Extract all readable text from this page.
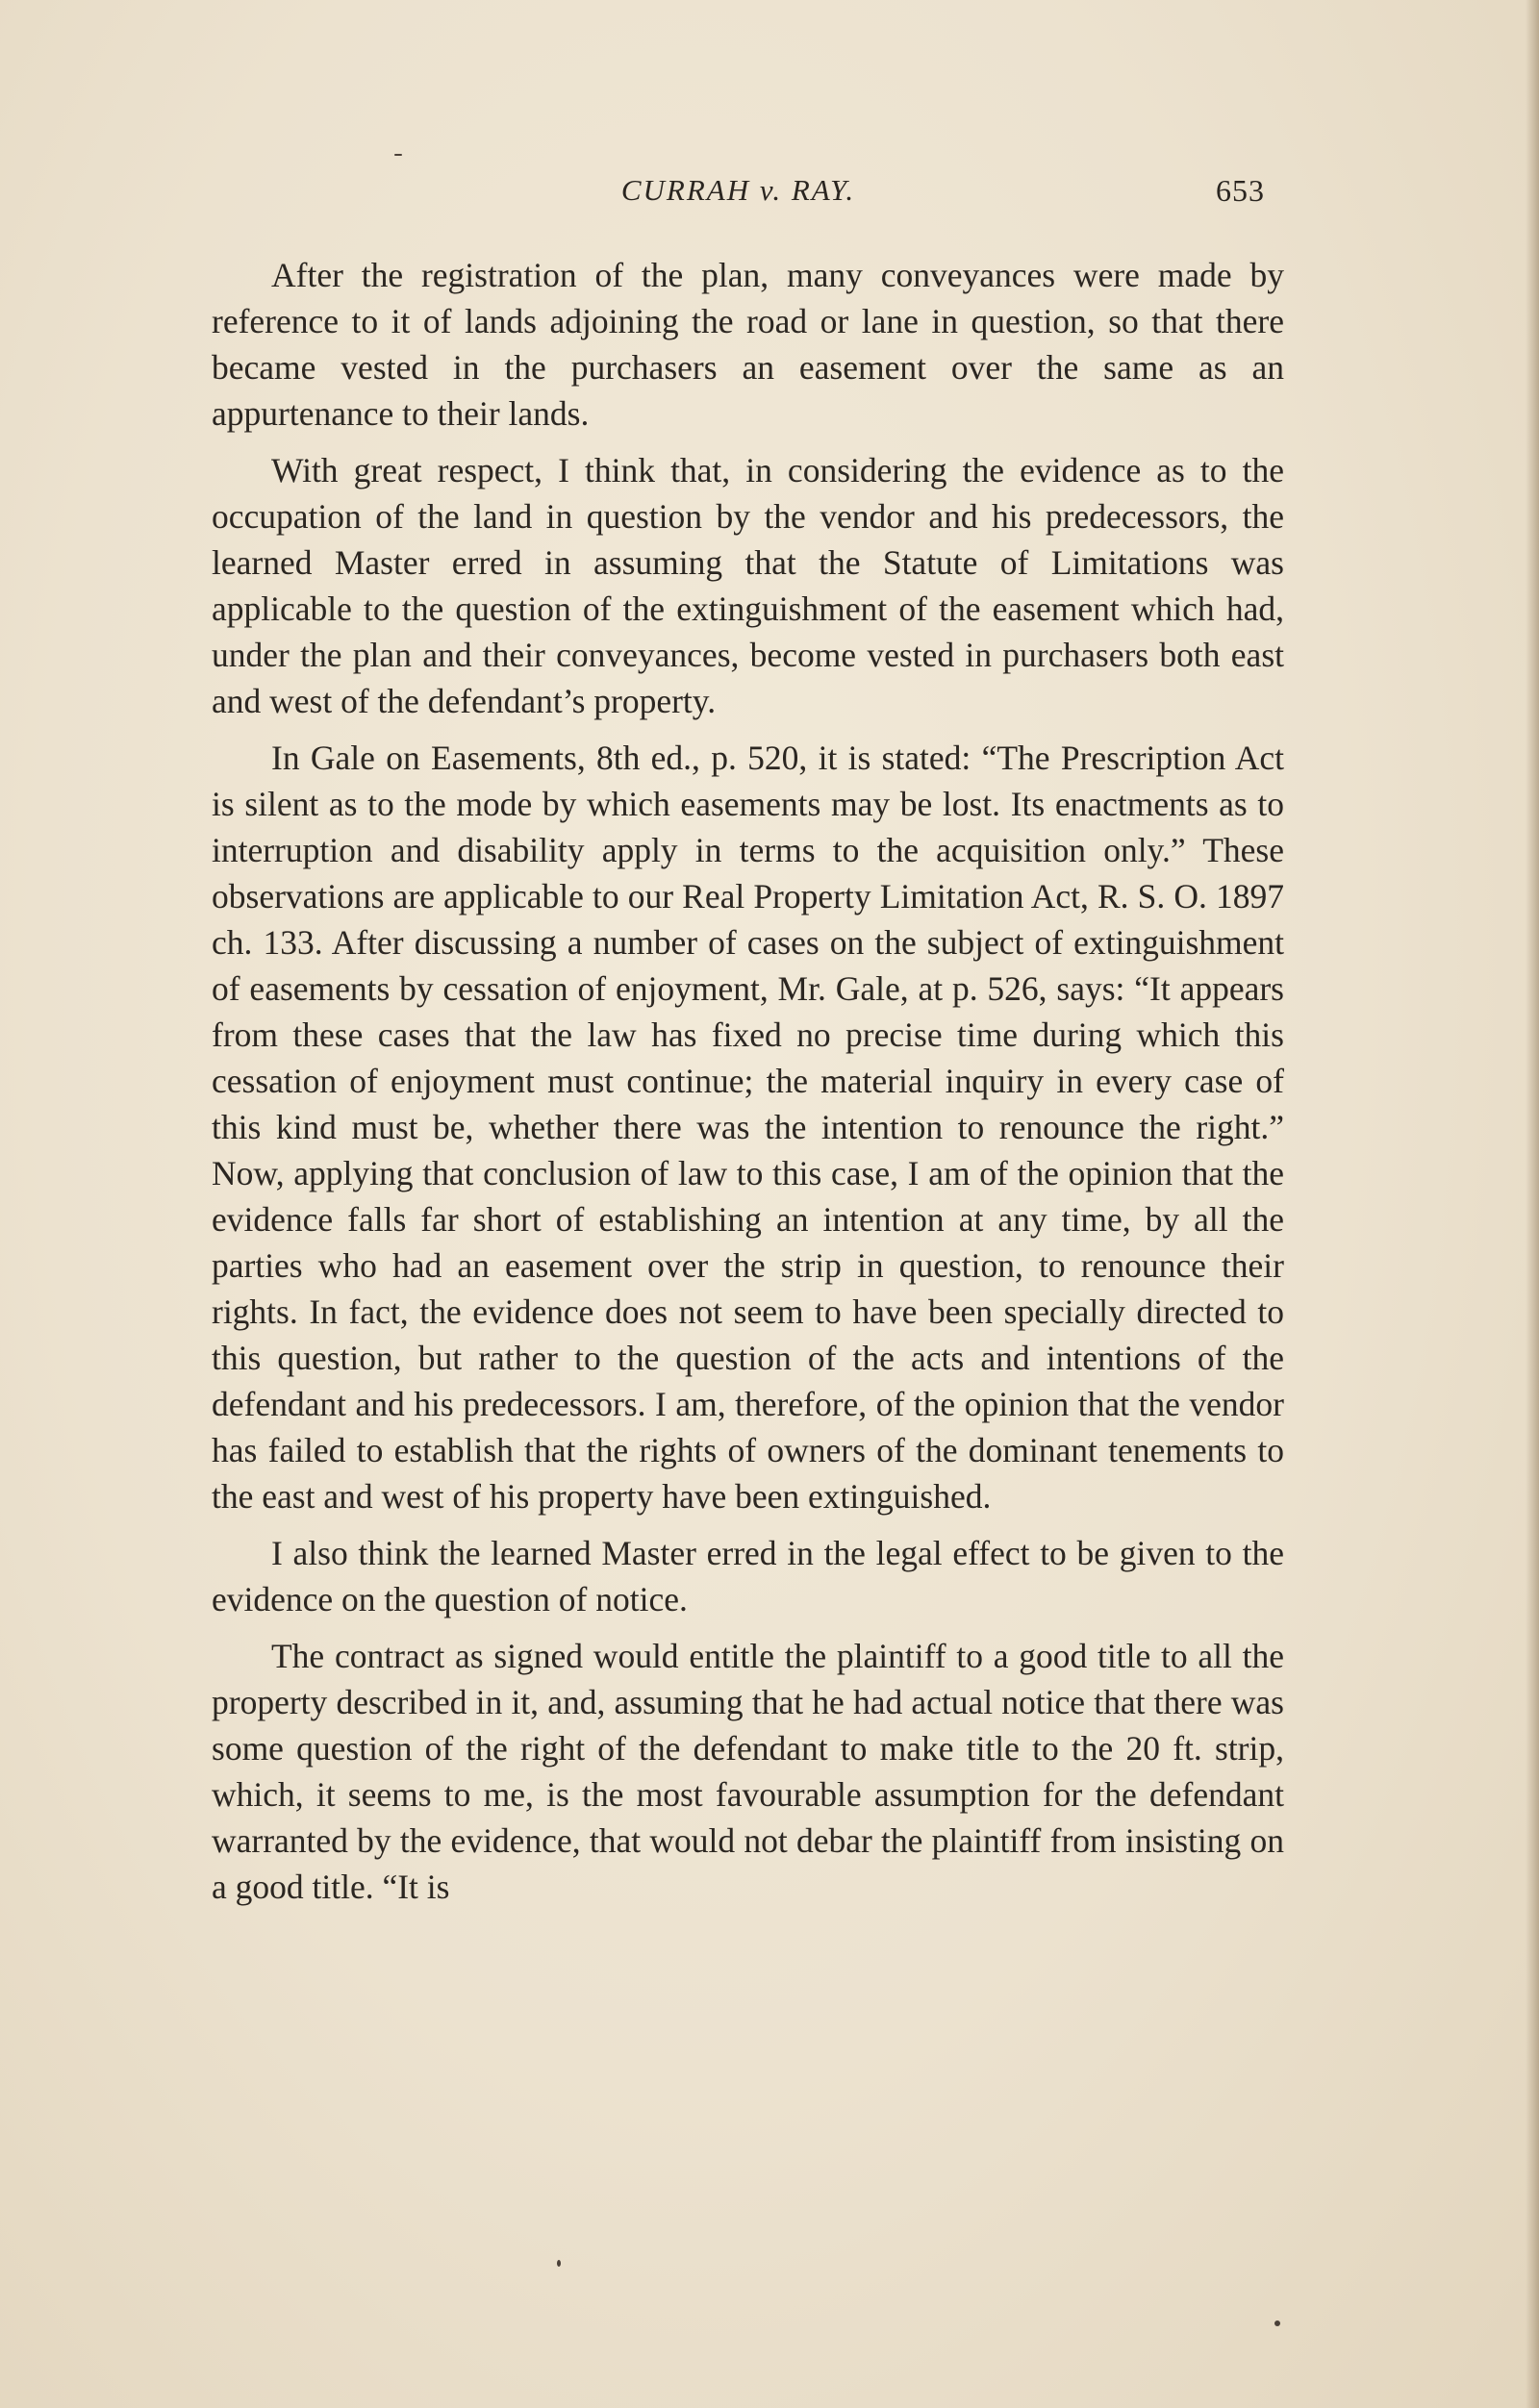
CURRAH v. RAY.	653

After the registration of the plan, many conveyances were made by reference to it of lands adjoining the road or lane in question, so that there became vested in the purchasers an easement over the same as an appurtenance to their lands.

With great respect, I think that, in considering the evidence as to the occupation of the land in question by the vendor and his predecessors, the learned Master erred in assuming that the Statute of Limitations was applicable to the question of the extinguishment of the easement which had, under the plan and their conveyances, become vested in purchasers both east and west of the defendant’s property.

In Gale on Easements, 8th ed., p. 520, it is stated: “The Prescription Act is silent as to the mode by which easements may be lost. Its enactments as to interruption and disability apply in terms to the acquisition only.” These observations are applicable to our Real Property Limitation Act, R. S. O. 1897 ch. 133. After discussing a number of cases on the subject of extinguishment of easements by cessation of enjoyment, Mr. Gale, at p. 526, says: “It appears from these cases that the law has fixed no precise time during which this cessation of enjoyment must continue; the material inquiry in every case of this kind must be, whether there was the intention to renounce the right.” Now, applying that conclusion of law to this case, I am of the opinion that the evidence falls far short of establishing an intention at any time, by all the parties who had an easement over the strip in question, to renounce their rights. In fact, the evidence does not seem to have been specially directed to this question, but rather to the question of the acts and intentions of the defendant and his predecessors. I am, therefore, of the opinion that the vendor has failed to establish that the rights of owners of the dominant tenements to the east and west of his property have been extinguished.

I also think the learned Master erred in the legal effect to be given to the evidence on the question of notice.

The contract as signed would entitle the plaintiff to a good title to all the property described in it, and, assuming that he had actual notice that there was some question of the right of the defendant to make title to the 20 ft. strip, which, it seems to me, is the most favourable assumption for the defendant warranted by the evidence, that would not debar the plaintiff from insisting on a good title. “It is
